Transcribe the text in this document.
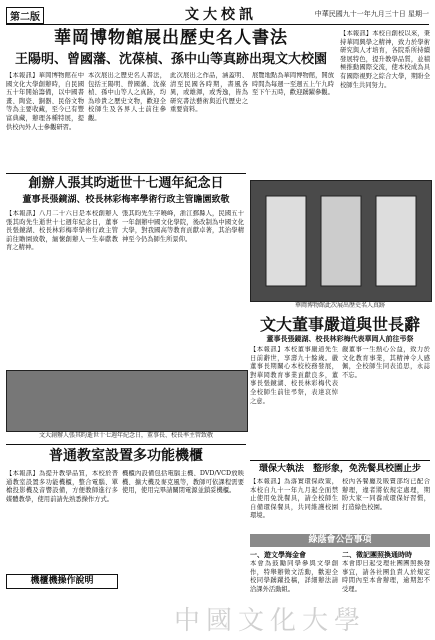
第二版	文大校訊	中華民國九十一年九月三十日 星期一
華岡博物館展出歷史名人書法
王陽明、曾國藩、沈葆楨、孫中山等真跡出現文大校園
【本報訊】華岡博物館在中國文化大學創辦時，自民國五十年開始籌備，以中國書畫、陶瓷、銅器、民俗文物等為主要收藏，至今已有豐富典藏，辦理各種特展，提供校內外人士參觀研習。
本次展出之歷史名人書法，包括王陽明、曾國藩、沈葆楨、孫中山等人之真跡，均為珍貴之歷史文物，歡迎全校師生及各界人士前往參觀。
此次展出之作品，涵蓋明、清至民國各時期，書風各異，或雄渾，或秀逸，皆為研究書法藝術與近代歷史之重要資料。
展覽地點為華岡博物館，開放時間為每週一至週五上午九時至下午五時，歡迎踴躍參觀。
【本報訊】本校自創校以來，秉持華岡興學之精神，致力於學術研究與人才培育，各院系所持續發展特色，提升教學品質，並積極推動國際交流，使本校成為具有國際視野之綜合大學，期盼全校師生共同努力。
創辦人張其昀逝世十七週年紀念日
董事長張鏡湖、校長林彩梅率學術行政主管瞻園致敬
【本報訊】八月二十六日是本校創辦人張其昀先生逝世十七週年紀念日，董事長張鏡湖、校長林彩梅率學術行政主管前往瞻園致敬，緬懷創辦人一生奉獻教育之精神。
張其昀先生字曉峰，浙江鄞縣人，民國五十一年創辦中國文化學院，後改制為中國文化大學，對我國高等教育貢獻卓著，其治學精神至今仍為師生所景仰。
華岡博物館此次展出歷史名人真跡
文大董事嚴道與世長辭
董事長張鏡湖、校長林彩梅代表華岡人前往弔祭
【本報訊】本校董事嚴道先生日前辭世，享壽九十餘歲。嚴董事長期關心本校校務發展，對華岡教育事業貢獻良多，董事長張鏡湖、校長林彩梅代表全校師生前往弔祭，表達哀悼之意。
嚴董事一生熱心公益，致力於文化教育事業，其精神令人感佩，全校師生同表追思，永誌不忘。
文大創辦人張其昀逝世十七週年紀念日，董事長、校長率主管致敬
普通教室設置多功能機櫃
【本報訊】為提升教學品質，本校於普通教室設置多功能機櫃，整合電腦、單槍投影機及音響設備，方便教師進行多媒體教學，使用前請先熟悉操作方式。
機櫃內設備包括電腦主機、DVD/VCD放映機、擴大機及麥克風等，教師可依課程需要使用，使用完畢請關閉電源並鎖妥機櫃。
機櫃機操作說明
環保大執法　整形象，免洗餐具校園止步
【本報訊】為落實環保政策，本校自九十一年九月起全面禁止使用免洗餐具，請全校師生自備環保餐具，共同維護校園環境。
校內各餐廳及販賣部均已配合辦理，違者將依規定處理，期盼大家一同養成環保好習慣，打造綠色校園。
綠蔭會公告事項
一、遊文學海金會
本會為鼓勵同學參與文學創作，特舉辦徵文活動，歡迎全校同學踴躍投稿，詳細辦法請洽課外活動組。
二、徵記團照換通時時
本會即日起受理社團團照換發事宜，請各社團負責人於規定時間內至本會辦理，逾期恕不受理。
中國文化大學
